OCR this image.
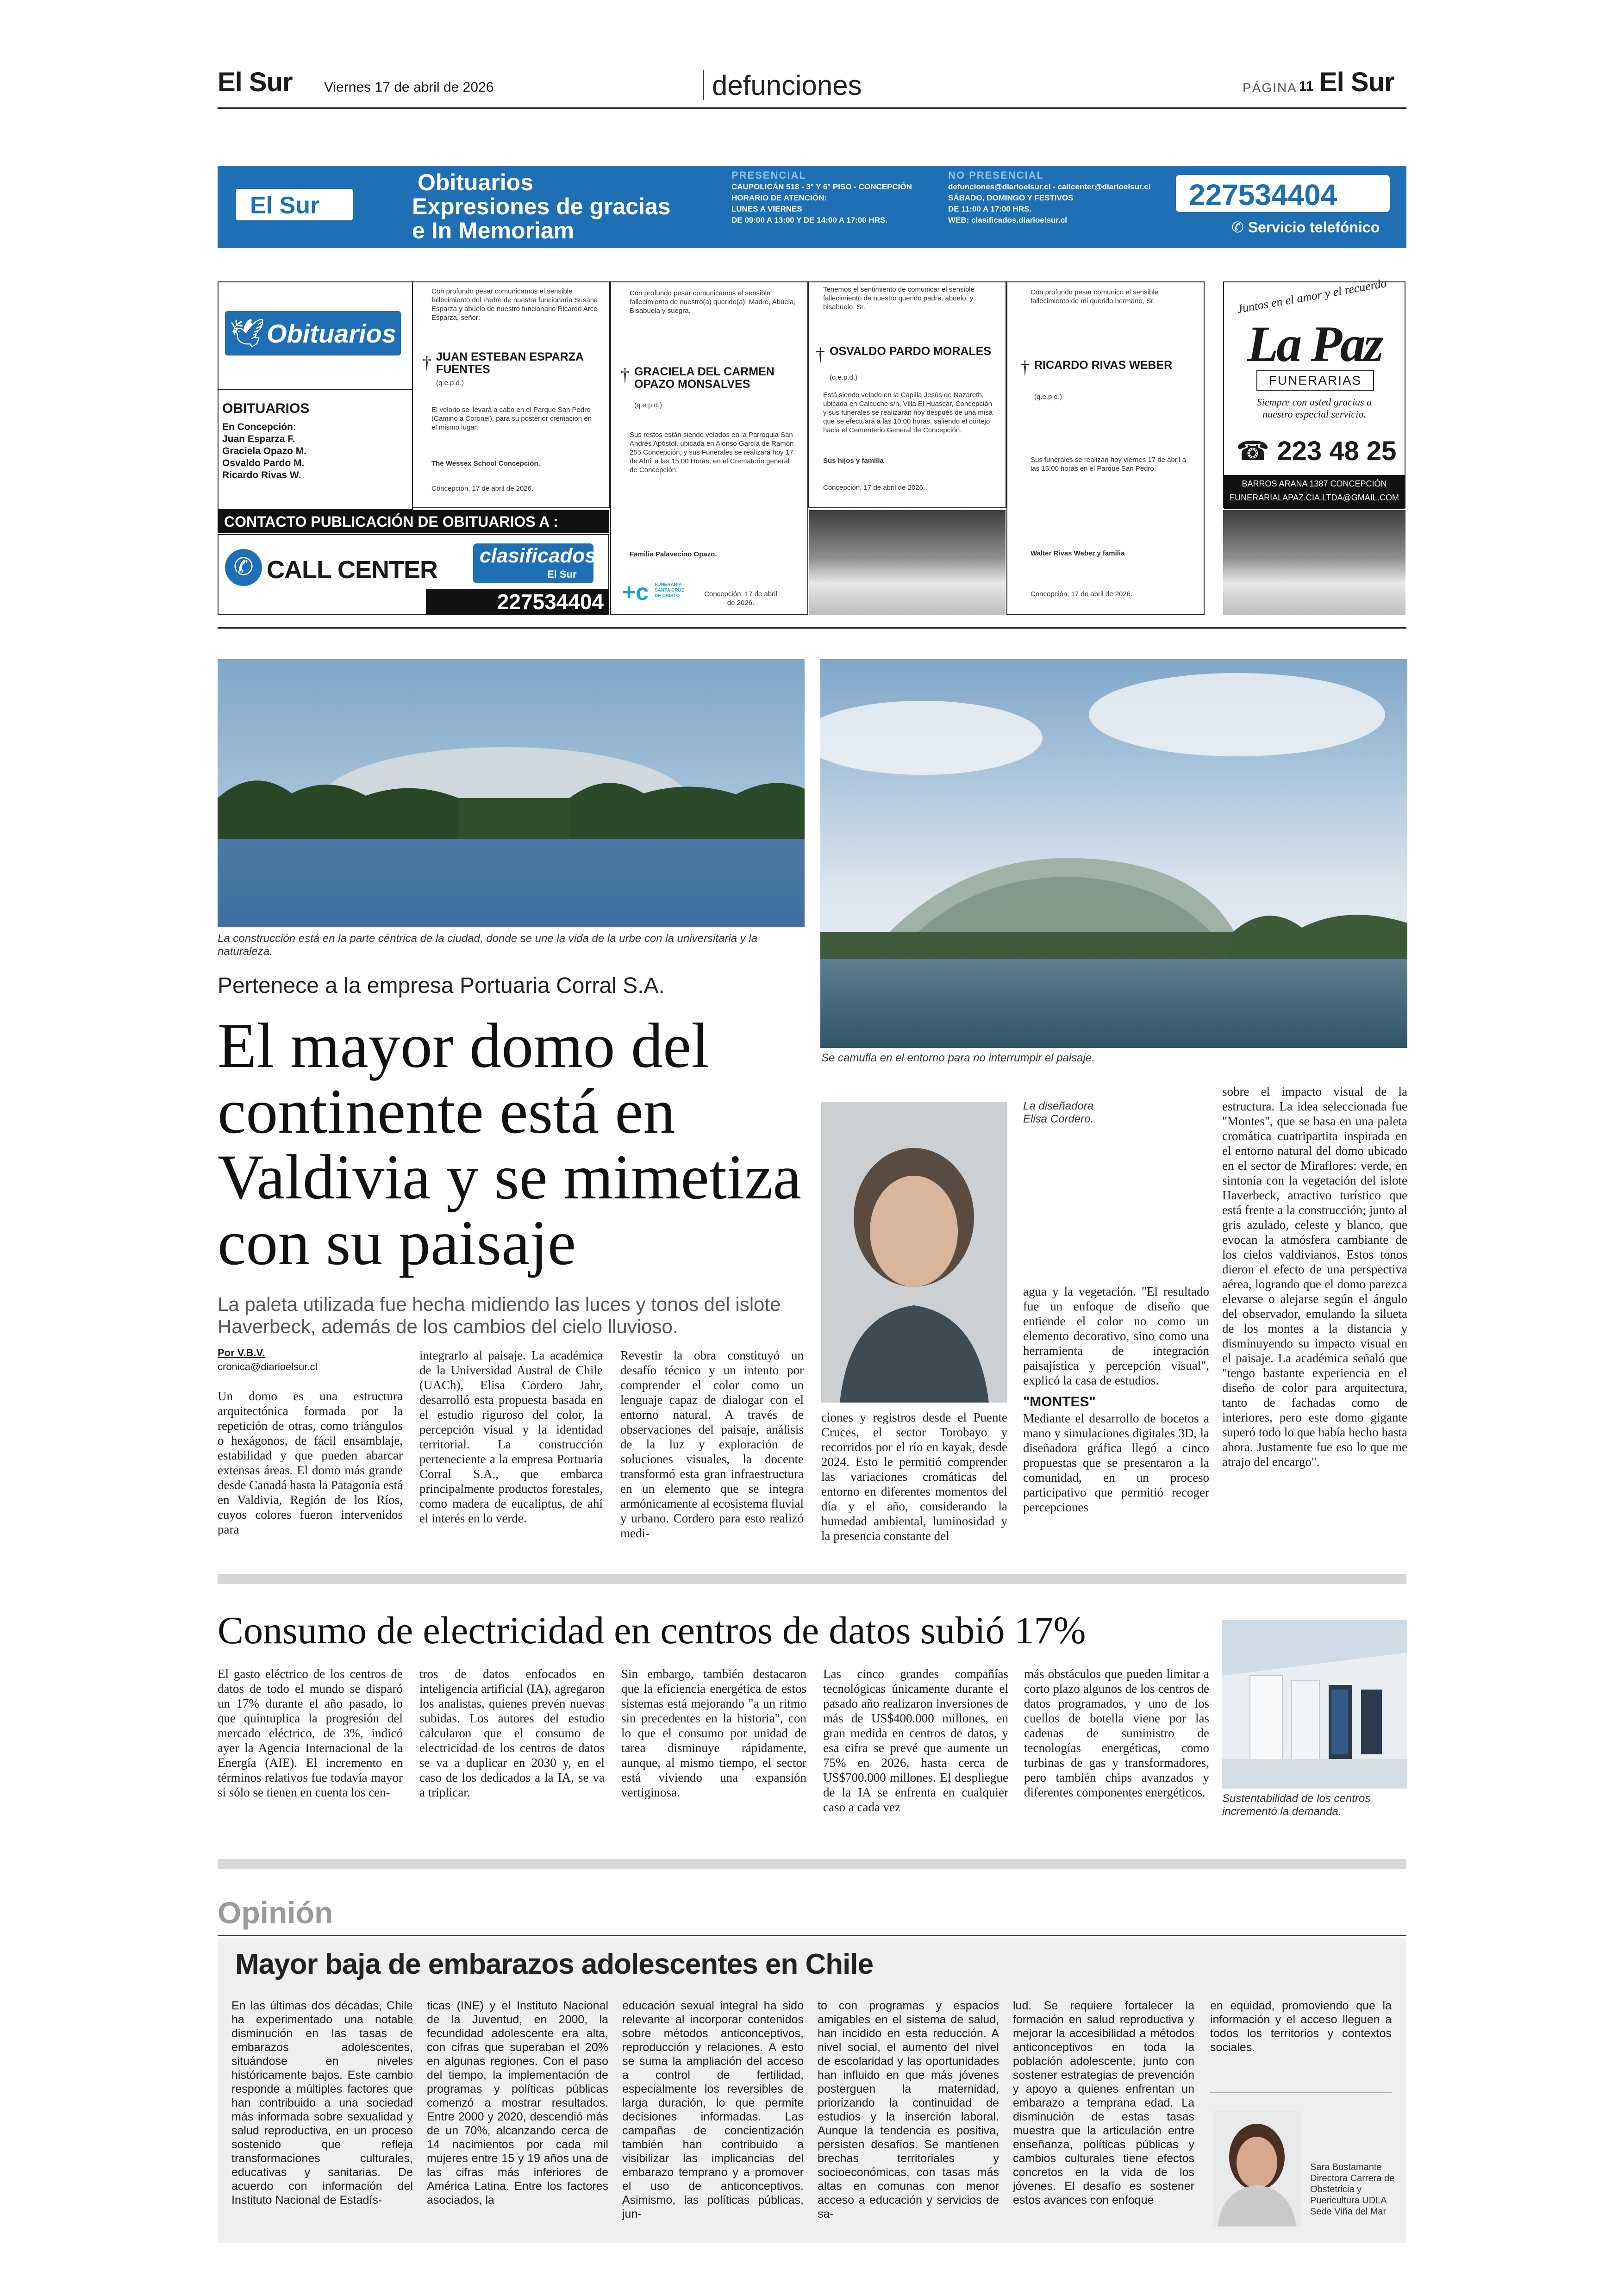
El Sur Viernes 17 de abril de 2026	defunciones	PÁGINA 11 El Sur
El Sur
Obituarios
Expresiones de gracias
e In Memoriam
PRESENCIAL
CAUPOLICÁN 518 - 3° Y 6° PISO - CONCEPCIÓN
HORARIO DE ATENCIÓN:
LUNES A VIERNES
DE 09:00 A 13:00 Y DE 14:00 A 17:00 HRS.
NO PRESENCIAL
defunciones@diarioelsur.cl - callcenter@diarioelsur.cl
SÁBADO, DOMINGO Y FESTIVOS
DE 11:00 A 17:00 HRS.
WEB: clasificados.diarioelsur.cl
227534404
✆ Servicio telefónico
🕊 Obituarios
OBITUARIOS
En Concepción:
Juan Esparza F.
Graciela Opazo M.
Osvaldo Pardo M.
Ricardo Rivas W.
CONTACTO PUBLICACIÓN DE OBITUARIOS A :
✆ CALL CENTER
clasificados
El Sur
227534404
Con profundo pesar comunicamos el sensible fallecimiento del Padre de nuestra funcionaria Susana Esparza y abuelo de nuestro funcionario Ricardo Arce Esparza, señor:
† JUAN ESTEBAN ESPARZA FUENTES
(q.e.p.d.)
El velorio se llevará a cabo en el Parque San Pedro (Camino a Coronel), para su posterior cremación en el mismo lugar.
The Wessex School Concepción.
Concepción, 17 de abril de 2026.
Con profundo pesar comunicamos el sensible fallecimiento de nuestro(a) querido(a): Madre, Abuela, Bisabuela y suegra.
† GRACIELA DEL CARMEN OPAZO MONSALVES
(q.e.p.d.)
Sus restos están siendo velados en la Parroquia San Andrés Apóstol, ubicada en Alonso García de Ramón 255 Concepción, y sus Funerales se realizará hoy 17 de Abril a las 15:00 Horas, en el Crematorio general de Concepción.
Familia Palavecino Opazo.
+c FUNERARIA SANTA CRUZ DE CRISTO	Concepción, 17 de abril de 2026.
Tenemos el sentimiento de comunicar el sensible fallecimiento de nuestro querido padre, abuelo, y bisabuelo, Sr.
† OSVALDO PARDO MORALES
(q.e.p.d.)
Está siendo velado en la Capilla Jesús de Nazareth, ubicada en Calcuche s/n, Villa El Huascar, Concepción y sus funerales se realizarán hoy después de una misa que se efectuará a las 10:00 horas, saliendo el cortejo hacia el Cementerio General de Concepción.
Sus hijos y familia
Concepción, 17 de abril de 2026.
Con profundo pesar comunico el sensible fallecimiento de mi querido hermano, Sr.
† RICARDO RIVAS WEBER
(q.e.p.d.)
Sus funerales se realizan hoy viernes 17 de abril a las 15:00 horas en el Parque San Pedro.
Walter Rivas Weber y familia
Concepción, 17 de abril de 2026.
Juntos en el amor y el recuerdo
La Paz
FUNERARIAS
Siempre con usted gracias a nuestro especial servicio.
☎ 223 48 25
BARROS ARANA 1387 CONCEPCIÓN
FUNERARIALAPAZ.CIA.LTDA@GMAIL.COM
La construcción está en la parte céntrica de la ciudad, donde se une la vida de la urbe con la universitaria y la naturaleza.
Se camufla en el entorno para no interrumpir el paisaje.
Pertenece a la empresa Portuaria Corral S.A.
El mayor domo del continente está en Valdivia y se mimetiza con su paisaje
La paleta utilizada fue hecha midiendo las luces y tonos del islote Haverbeck, además de los cambios del cielo lluvioso.
Por V.B.V.
cronica@diarioelsur.cl
Un domo es una estructura arquitectónica formada por la repetición de otras, como triángulos o hexágonos, de fácil ensamblaje, estabilidad y que pueden abarcar extensas áreas. El domo más grande desde Canadá hasta la Patagonia está en Valdivia, Región de los Ríos, cuyos colores fueron intervenidos para
integrarlo al paisaje. La académica de la Universidad Austral de Chile (UACh), Elisa Cordero Jahr, desarrolló esta propuesta basada en el estudio riguroso del color, la percepción visual y la identidad territorial. La construcción perteneciente a la empresa Portuaria Corral S.A., que embarca principalmente productos forestales, como madera de eucaliptus, de ahí el interés en lo verde.
Revestir la obra constituyó un desafío técnico y un intento por comprender el color como un lenguaje capaz de dialogar con el entorno natural. A través de observaciones del paisaje, análisis de la luz y exploración de soluciones visuales, la docente transformó esta gran infraestructura en un elemento que se integra armónicamente al ecosistema fluvial y urbano. Cordero para esto realizó medi-
La diseñadora Elisa Cordero.
ciones y registros desde el Puente Cruces, el sector Torobayo y recorridos por el río en kayak, desde 2024. Esto le permitió comprender las variaciones cromáticas del entorno en diferentes momentos del día y el año, considerando la humedad ambiental, luminosidad y la presencia constante del
agua y la vegetación. "El resultado fue un enfoque de diseño que entiende el color no como un elemento decorativo, sino como una herramienta de integración paisajística y percepción visual", explicó la casa de estudios.
"MONTES"
Mediante el desarrollo de bocetos a mano y simulaciones digitales 3D, la diseñadora gráfica llegó a cinco propuestas que se presentaron a la comunidad, en un proceso participativo que permitió recoger percepciones
sobre el impacto visual de la estructura. La idea seleccionada fue "Montes", que se basa en una paleta cromática cuatripartita inspirada en el entorno natural del domo ubicado en el sector de Miraflores: verde, en sintonía con la vegetación del islote Haverbeck, atractivo turístico que está frente a la construcción; junto al gris azulado, celeste y blanco, que evocan la atmósfera cambiante de los cielos valdivianos. Estos tonos dieron el efecto de una perspectiva aérea, logrando que el domo parezca elevarse o alejarse según el ángulo del observador, emulando la silueta de los montes a la distancia y disminuyendo su impacto visual en el paisaje. La académica señaló que "tengo bastante experiencia en el diseño de color para arquitectura, tanto de fachadas como de interiores, pero este domo gigante superó todo lo que había hecho hasta ahora. Justamente fue eso lo que me atrajo del encargo".
Consumo de electricidad en centros de datos subió 17%
El gasto eléctrico de los centros de datos de todo el mundo se disparó un 17% durante el año pasado, lo que quintuplica la progresión del mercado eléctrico, de 3%, indicó ayer la Agencia Internacional de la Energía (AIE). El incremento en términos relativos fue todavía mayor si sólo se tienen en cuenta los cen-
tros de datos enfocados en inteligencia artificial (IA), agregaron los analistas, quienes prevén nuevas subidas. Los autores del estudio calcularon que el consumo de electricidad de los centros de datos se va a duplicar en 2030 y, en el caso de los dedicados a la IA, se va a triplicar.
Sin embargo, también destacaron que la eficiencia energética de estos sistemas está mejorando "a un ritmo sin precedentes en la historia", con lo que el consumo por unidad de tarea disminuye rápidamente, aunque, al mismo tiempo, el sector está viviendo una expansión vertiginosa.
Las cinco grandes compañías tecnológicas únicamente durante el pasado año realizaron inversiones de más de US$400.000 millones, en gran medida en centros de datos, y esa cifra se prevé que aumente un 75% en 2026, hasta cerca de US$700.000 millones. El despliegue de la IA se enfrenta en cualquier caso a cada vez
más obstáculos que pueden limitar a corto plazo algunos de los centros de datos programados, y uno de los cuellos de botella viene por las cadenas de suministro de tecnologías energéticas, como turbinas de gas y transformadores, pero también chips avanzados y diferentes componentes energéticos.	Sustentabilidad de los centros incrementó la demanda.
Opinión
Mayor baja de embarazos adolescentes en Chile
En las últimas dos décadas, Chile ha experimentado una notable disminución en las tasas de embarazos adolescentes, situándose en niveles históricamente bajos. Este cambio responde a múltiples factores que han contribuido a una sociedad más informada sobre sexualidad y salud reproductiva, en un proceso sostenido que refleja transformaciones culturales, educativas y sanitarias. De acuerdo con información del Instituto Nacional de Estadís-
ticas (INE) y el Instituto Nacional de la Juventud, en 2000, la fecundidad adolescente era alta, con cifras que superaban el 20% en algunas regiones. Con el paso del tiempo, la implementación de programas y políticas públicas comenzó a mostrar resultados. Entre 2000 y 2020, descendió más de un 70%, alcanzando cerca de 14 nacimientos por cada mil mujeres entre 15 y 19 años una de las cifras más inferiores de América Latina. Entre los factores asociados, la
educación sexual integral ha sido relevante al incorporar contenidos sobre métodos anticonceptivos, reproducción y relaciones. A esto se suma la ampliación del acceso a control de fertilidad, especialmente los reversibles de larga duración, lo que permite decisiones informadas. Las campañas de concientización también han contribuido a visibilizar las implicancias del embarazo temprano y a promover el uso de anticonceptivos. Asimismo, las políticas públicas, jun-
to con programas y espacios amigables en el sistema de salud, han incidido en esta reducción. A nivel social, el aumento del nivel de escolaridad y las oportunidades han influido en que más jóvenes posterguen la maternidad, priorizando la continuidad de estudios y la inserción laboral. Aunque la tendencia es positiva, persisten desafíos. Se mantienen brechas territoriales y socioeconómicas, con tasas más altas en comunas con menor acceso a educación y servicios de sa-
lud. Se requiere fortalecer la formación en salud reproductiva y mejorar la accesibilidad a métodos anticonceptivos en toda la población adolescente, junto con sostener estrategias de prevención y apoyo a quienes enfrentan un embarazo a temprana edad. La disminución de estas tasas muestra que la articulación entre enseñanza, políticas públicas y cambios culturales tiene efectos concretos en la vida de los jóvenes. El desafío es sostener estos avances con enfoque
en equidad, promoviendo que la información y el acceso lleguen a todos los territorios y contextos sociales.
Sara Bustamante
Directora Carrera de Obstetricia y Puericultura UDLA Sede Viña del Mar
